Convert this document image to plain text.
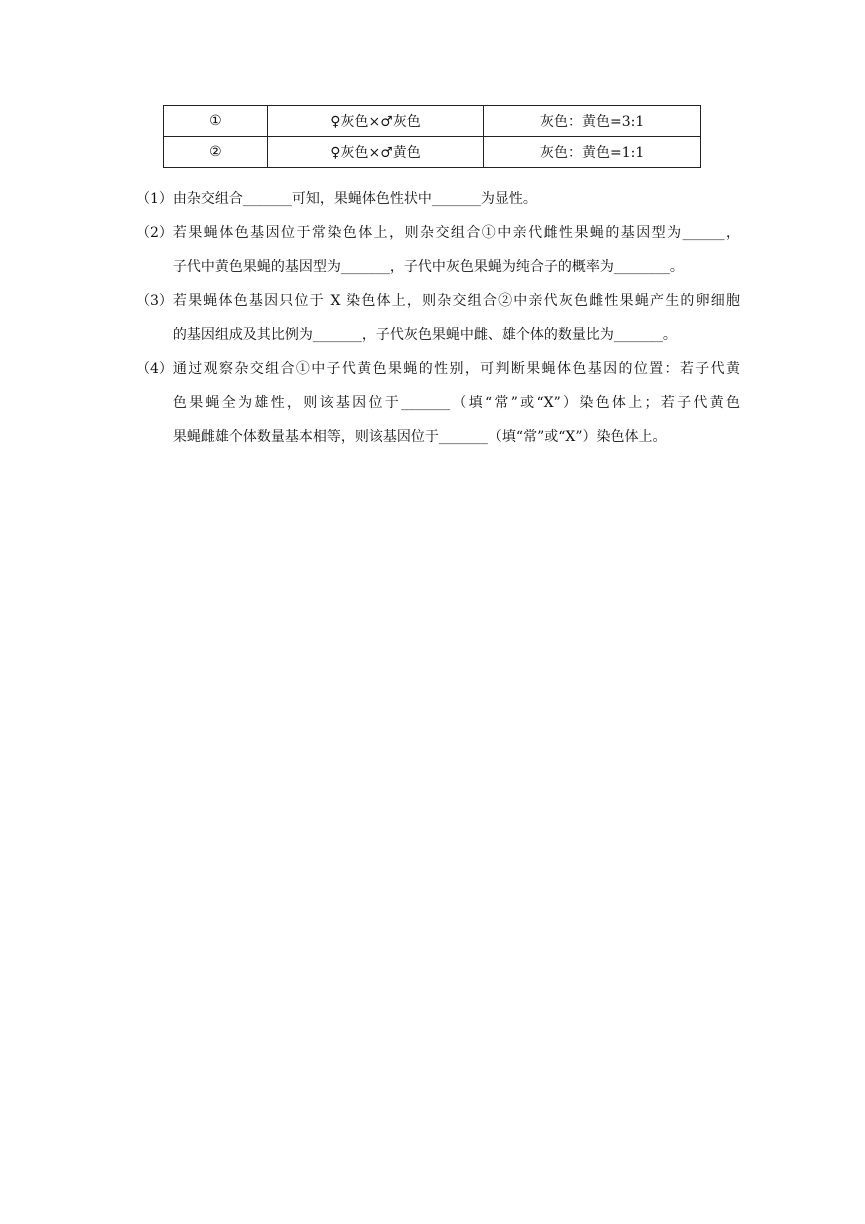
①	♀灰色×♂灰色	灰色：黄色=3:1
②	♀灰色×♂黄色	灰色：黄色=1:1
（1） 由杂交组合_______可知，果蝇体色性状中_______为显性。
（2） 若果蝇体色基因位于常染色体上，则杂交组合①中亲代雌性果蝇的基因型为______，
子代中黄色果蝇的基因型为_______，子代中灰色果蝇为纯合子的概率为________。
（3） 若果蝇体色基因只位于 X 染色体上，则杂交组合②中亲代灰色雌性果蝇产生的卵细胞
的基因组成及其比例为_______，子代灰色果蝇中雌、雄个体的数量比为_______。
（4） 通过观察杂交组合①中子代黄色果蝇的性别，可判断果蝇体色基因的位置：若子代黄
色果蝇全为雄性，则该基因位于_______（填“常”或“X”）染色体上；若子代黄色
果蝇雌雄个体数量基本相等，则该基因位于_______（填“常”或“X”）染色体上。
